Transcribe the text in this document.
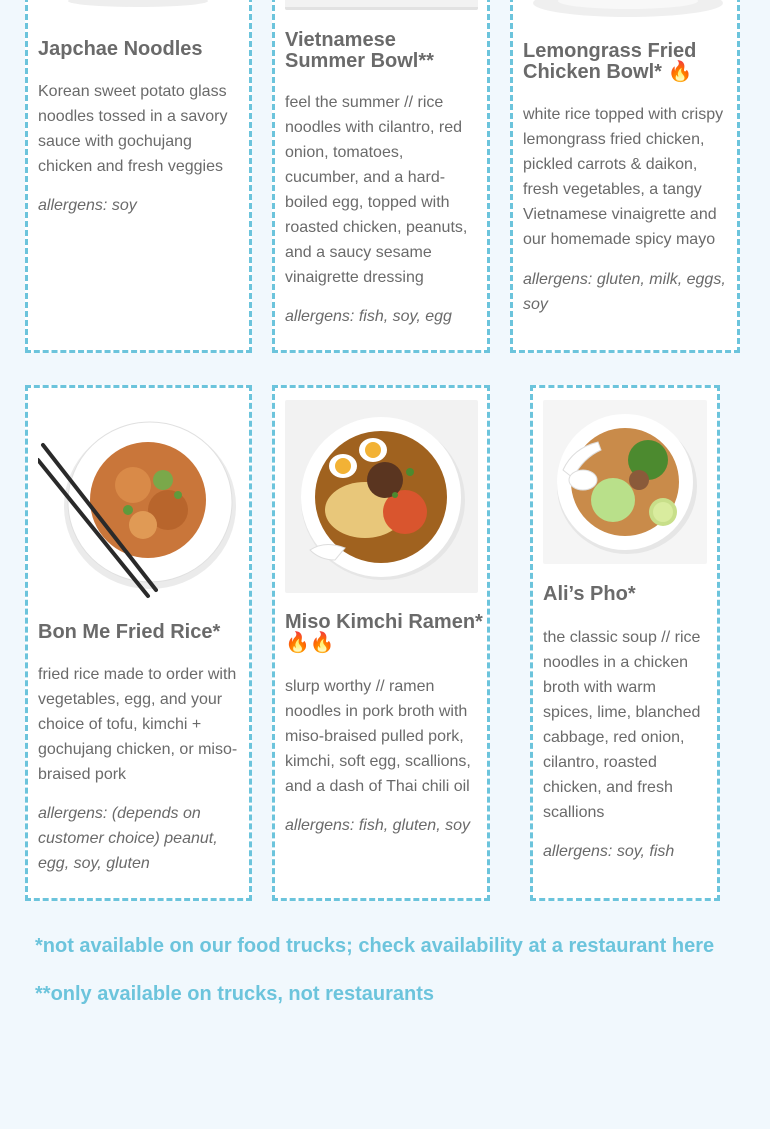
Japchae Noodles

Korean sweet potato glass noodles tossed in a savory sauce with gochujang chicken and fresh veggies

allergens: soy

Vietnamese Summer Bowl**

feel the summer // rice noodles with cilantro, red onion, tomatoes, cucumber, and a hard-boiled egg, topped with roasted chicken, peanuts, and a saucy sesame vinaigrette dressing

allergens: fish, soy, egg

Lemongrass Fried Chicken Bowl* 🔥

white rice topped with crispy lemongrass fried chicken, pickled carrots & daikon, fresh vegetables, a tangy Vietnamese vinaigrette and our homemade spicy mayo

allergens: gluten, milk, eggs, soy

Bon Me Fried Rice*

fried rice made to order with vegetables, egg, and your choice of tofu, kimchi + gochujang chicken, or miso-braised pork

allergens: (depends on customer choice) peanut, egg, soy, gluten

Miso Kimchi Ramen*
🔥🔥

slurp worthy // ramen noodles in pork broth with miso-braised pulled pork, kimchi, soft egg, scallions, and a dash of Thai chili oil

allergens: fish, gluten, soy

Ali’s Pho*

the classic soup // rice noodles in a chicken broth with warm spices, lime, blanched cabbage, red onion, cilantro, roasted chicken, and fresh scallions

allergens: soy, fish

*not available on our food trucks; check availability at a restaurant here

**only available on trucks, not restaurants
